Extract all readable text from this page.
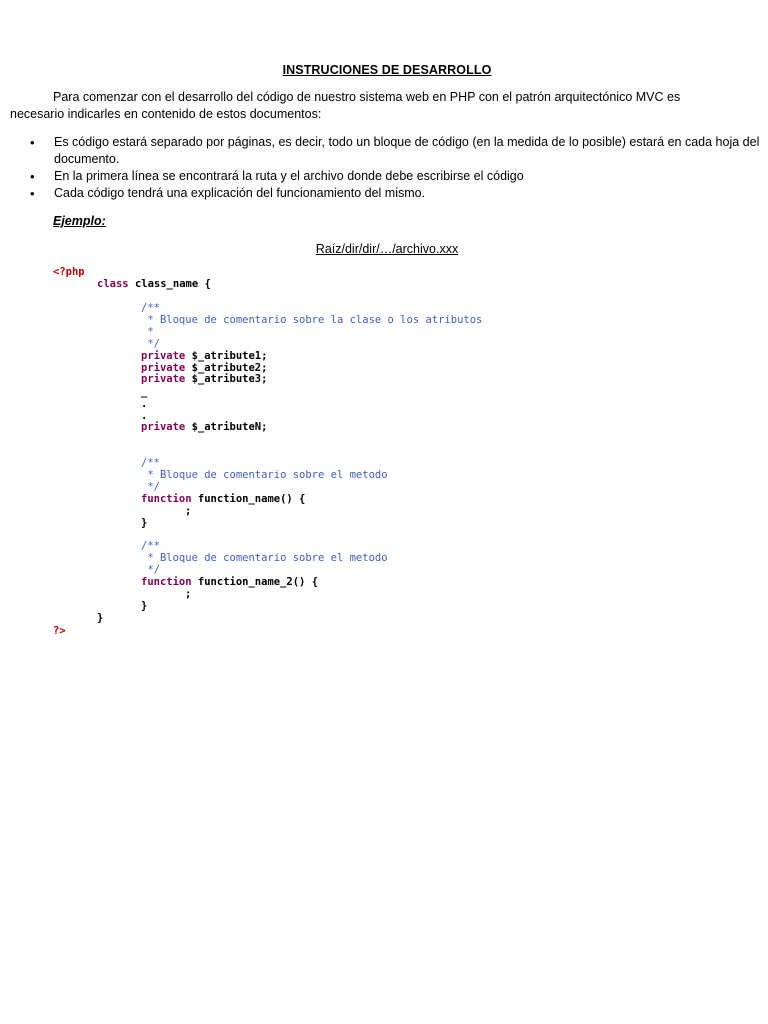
INSTRUCIONES DE DESARROLLO
Para comenzar con el desarrollo del código de nuestro sistema web en PHP con el patrón arquitectónico MVC es
necesario indicarles en contenido de estos documentos:
• Es código estará separado por páginas, es decir, todo un bloque de código (en la medida de lo posible) estará en cada hoja del documento.
• En la primera línea se encontrará la ruta y el archivo donde debe escribirse el código
• Cada código tendrá una explicación del funcionamiento del mismo.
Ejemplo:
Raíz/dir/dir/…/archivo.xxx
<?php
class class_name {
/**
* Bloque de comentario sobre la clase o los atributos
*
*/
private $_atribute1;
private $_atribute2;
private $_atribute3;
_
.
.
private $_atributeN;
/**
* Bloque de comentario sobre el metodo
*/
function function_name() {
;
}
/**
* Bloque de comentario sobre el metodo
*/
function function_name_2() {
;
}
}
?>
